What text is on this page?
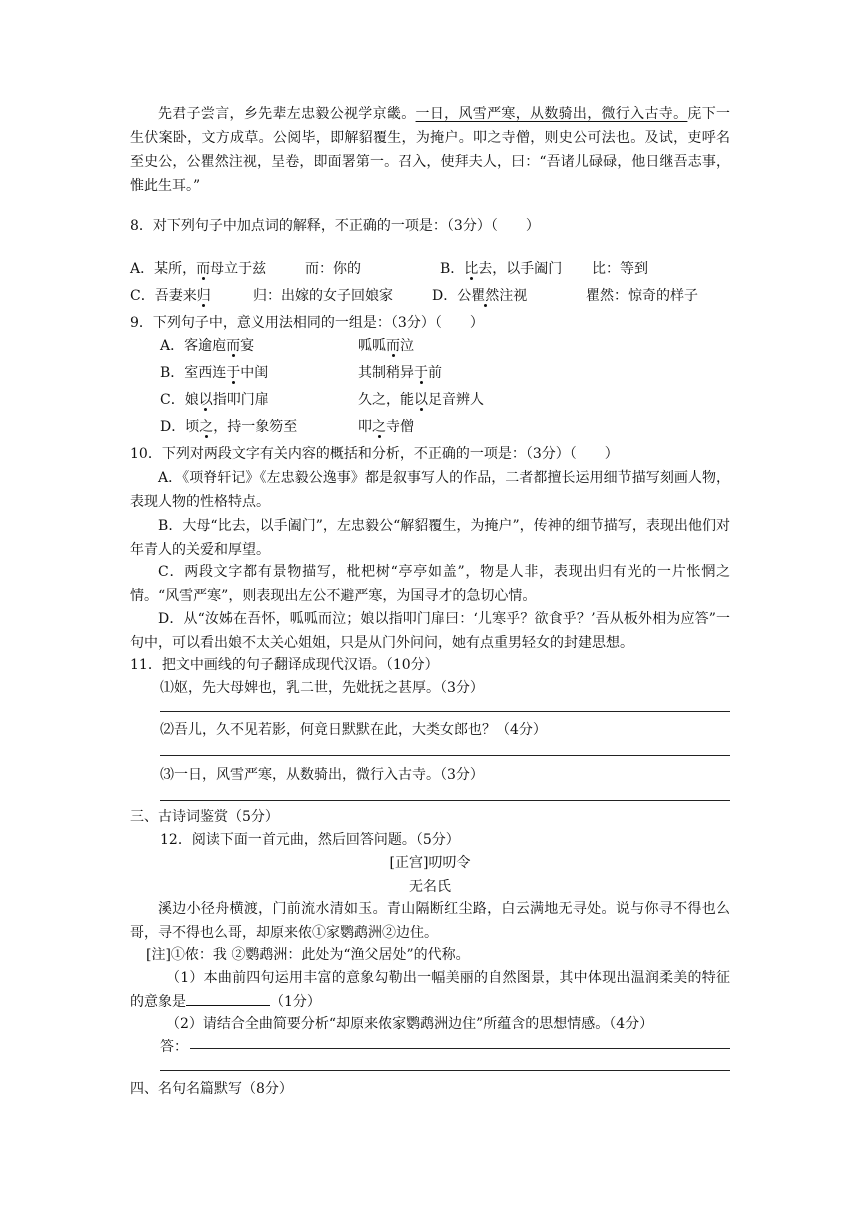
先君子尝言，乡先辈左忠毅公视学京畿。一日，风雪严寒，从数骑出，微行入古寺。庑下一生伏案卧，文方成草。公阅毕，即解貂覆生，为掩户。叩之寺僧，则史公可法也。及试，吏呼名至史公，公瞿然注视，呈卷，即面署第一。召入，使拜夫人，曰：“吾诸儿碌碌，他日继吾志事，惟此生耳。”
8．对下列句子中加点词的解释，不正确的一项是：（3分）（　　）
A．某所，而母立于兹	而：你的	B．比去，以手阖门 比：等到
C．吾妻来归	归：出嫁的女子回娘家	D．公瞿然注视	瞿然：惊奇的样子
9．下列句子中，意义用法相同的一组是：（3分）（　　）
A．客逾庖而宴	呱呱而泣
B．室西连于中闺	其制稍异于前
C．娘以指叩门扉	久之，能以足音辨人
D．顷之，持一象笏至	叩之寺僧
10．下列对两段文字有关内容的概括和分析，不正确的一项是：（3分）（　　）
A．《项脊轩记》《左忠毅公逸事》都是叙事写人的作品，二者都擅长运用细节描写刻画人物，表现人物的性格特点。
B．大母“比去，以手阖门”，左忠毅公“解貂覆生，为掩户”，传神的细节描写，表现出他们对年青人的关爱和厚望。
C．两段文字都有景物描写，枇杷树“亭亭如盖”，物是人非，表现出归有光的一片怅惘之情。“风雪严寒”，则表现出左公不避严寒，为国寻才的急切心情。
D．从“汝姊在吾怀，呱呱而泣；娘以指叩门扉曰：‘儿寒乎？欲食乎？’吾从板外相为应答”一句中，可以看出娘不太关心姐姐，只是从门外问问，她有点重男轻女的封建思想。
11．把文中画线的句子翻译成现代汉语。（10分）
⑴妪，先大母婢也，乳二世，先妣抚之甚厚。（3分）
⑵吾儿，久不见若影，何竟日默默在此，大类女郎也？（4分）
⑶一日，风雪严寒，从数骑出，微行入古寺。（3分）
三、古诗词鉴赏（5分）
12．阅读下面一首元曲，然后回答问题。（5分）
[正宫]叨叨令
无名氏
溪边小径舟横渡，门前流水清如玉。青山隔断红尘路，白云满地无寻处。说与你寻不得也么哥，寻不得也么哥，却原来侬①家鹦鹉洲②边住。
[注]①侬：我 ②鹦鹉洲：此处为“渔父居处”的代称。
（1）本曲前四句运用丰富的意象勾勒出一幅美丽的自然图景，其中体现出温润柔美的特征的意象是	（1分）
（2）请结合全曲简要分析“却原来侬家鹦鹉洲边住”所蕴含的思想情感。（4分）
答：
四、名句名篇默写（8分）
